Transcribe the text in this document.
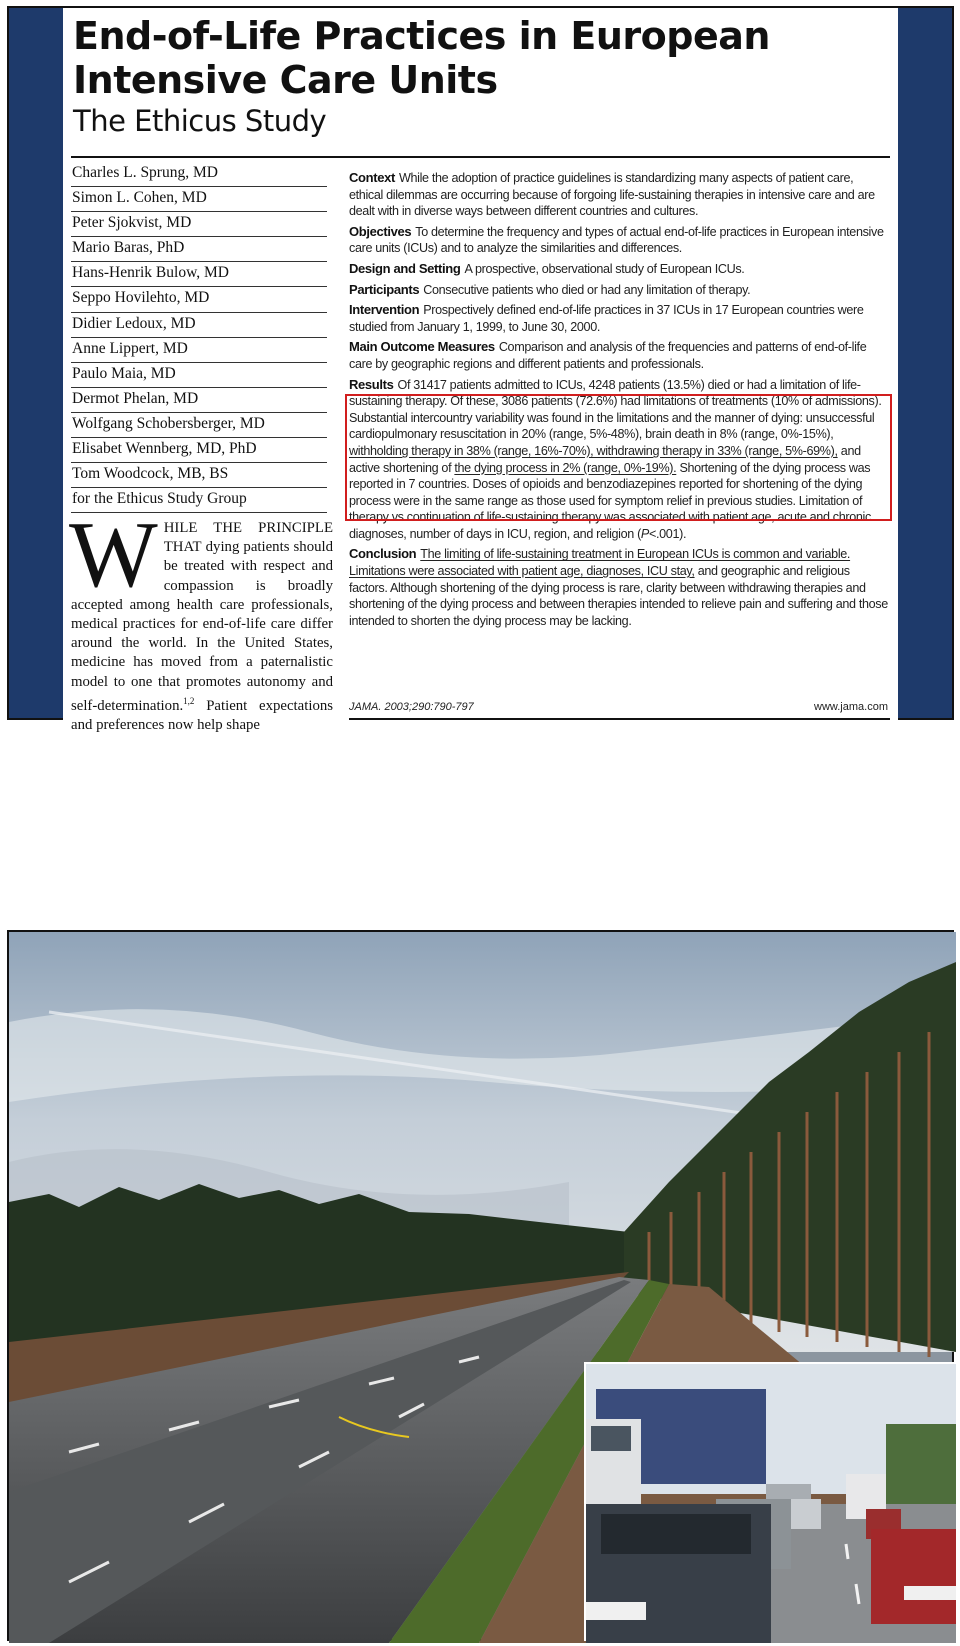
End-of-Life Practices in European
Intensive Care Units
The Ethicus Study
Charles L. Sprung, MD
Simon L. Cohen, MD
Peter Sjokvist, MD
Mario Baras, PhD
Hans-Henrik Bulow, MD
Seppo Hovilehto, MD
Didier Ledoux, MD
Anne Lippert, MD
Paulo Maia, MD
Dermot Phelan, MD
Wolfgang Schobersberger, MD
Elisabet Wennberg, MD, PhD
Tom Woodcock, MB, BS
for the Ethicus Study Group
W HILE THE PRINCIPLE THAT dying patients should be treated with respect and compassion is broadly accepted among health care professionals, medical practices for end-of-life care differ around the world. In the United States, medicine has moved from a paternalistic model to one that promotes autonomy and self-determination.$^{1,2}$ Patient expectations and preferences now help shape

Context While the adoption of practice guidelines is standardizing many aspects of patient care, ethical dilemmas are occurring because of forgoing life-sustaining therapies in intensive care and are dealt with in diverse ways between different countries and cultures.

Objectives To determine the frequency and types of actual end-of-life practices in European intensive care units (ICUs) and to analyze the similarities and differences.

Design and Setting A prospective, observational study of European ICUs.

Participants Consecutive patients who died or had any limitation of therapy.

Intervention Prospectively defined end-of-life practices in 37 ICUs in 17 European countries were studied from January 1, 1999, to June 30, 2000.

Main Outcome Measures Comparison and analysis of the frequencies and patterns of end-of-life care by geographic regions and different patients and professionals.

Results Of 31417 patients admitted to ICUs, 4248 patients (13.5%) died or had a limitation of life-sustaining therapy. Of these, 3086 patients (72.6%) had limitations of treatments (10% of admissions). Substantial intercountry variability was found in the limitations and the manner of dying: unsuccessful cardiopulmonary resuscitation in 20% (range, 5%-48%), brain death in 8% (range, 0%-15%), withholding therapy in 38% (range, 16%-70%), withdrawing therapy in 33% (range, 5%-69%), and active shortening of the dying process in 2% (range, 0%-19%). Shortening of the dying process was reported in 7 countries. Doses of opioids and benzodiazepines reported for shortening of the dying process were in the same range as those used for symptom relief in previous studies. Limitation of therapy vs continuation of life-sustaining therapy was associated with patient age, acute and chronic diagnoses, number of days in ICU, region, and religion (P<.001).

Conclusion The limiting of life-sustaining treatment in European ICUs is common and variable. Limitations were associated with patient age, diagnoses, ICU stay, and geographic and religious factors. Although shortening of the dying process is rare, clarity between withdrawing therapies and shortening of the dying process and between therapies intended to relieve pain and suffering and those intended to shorten the dying process may be lacking.

JAMA. 2003;290:790-797	www.jama.com
